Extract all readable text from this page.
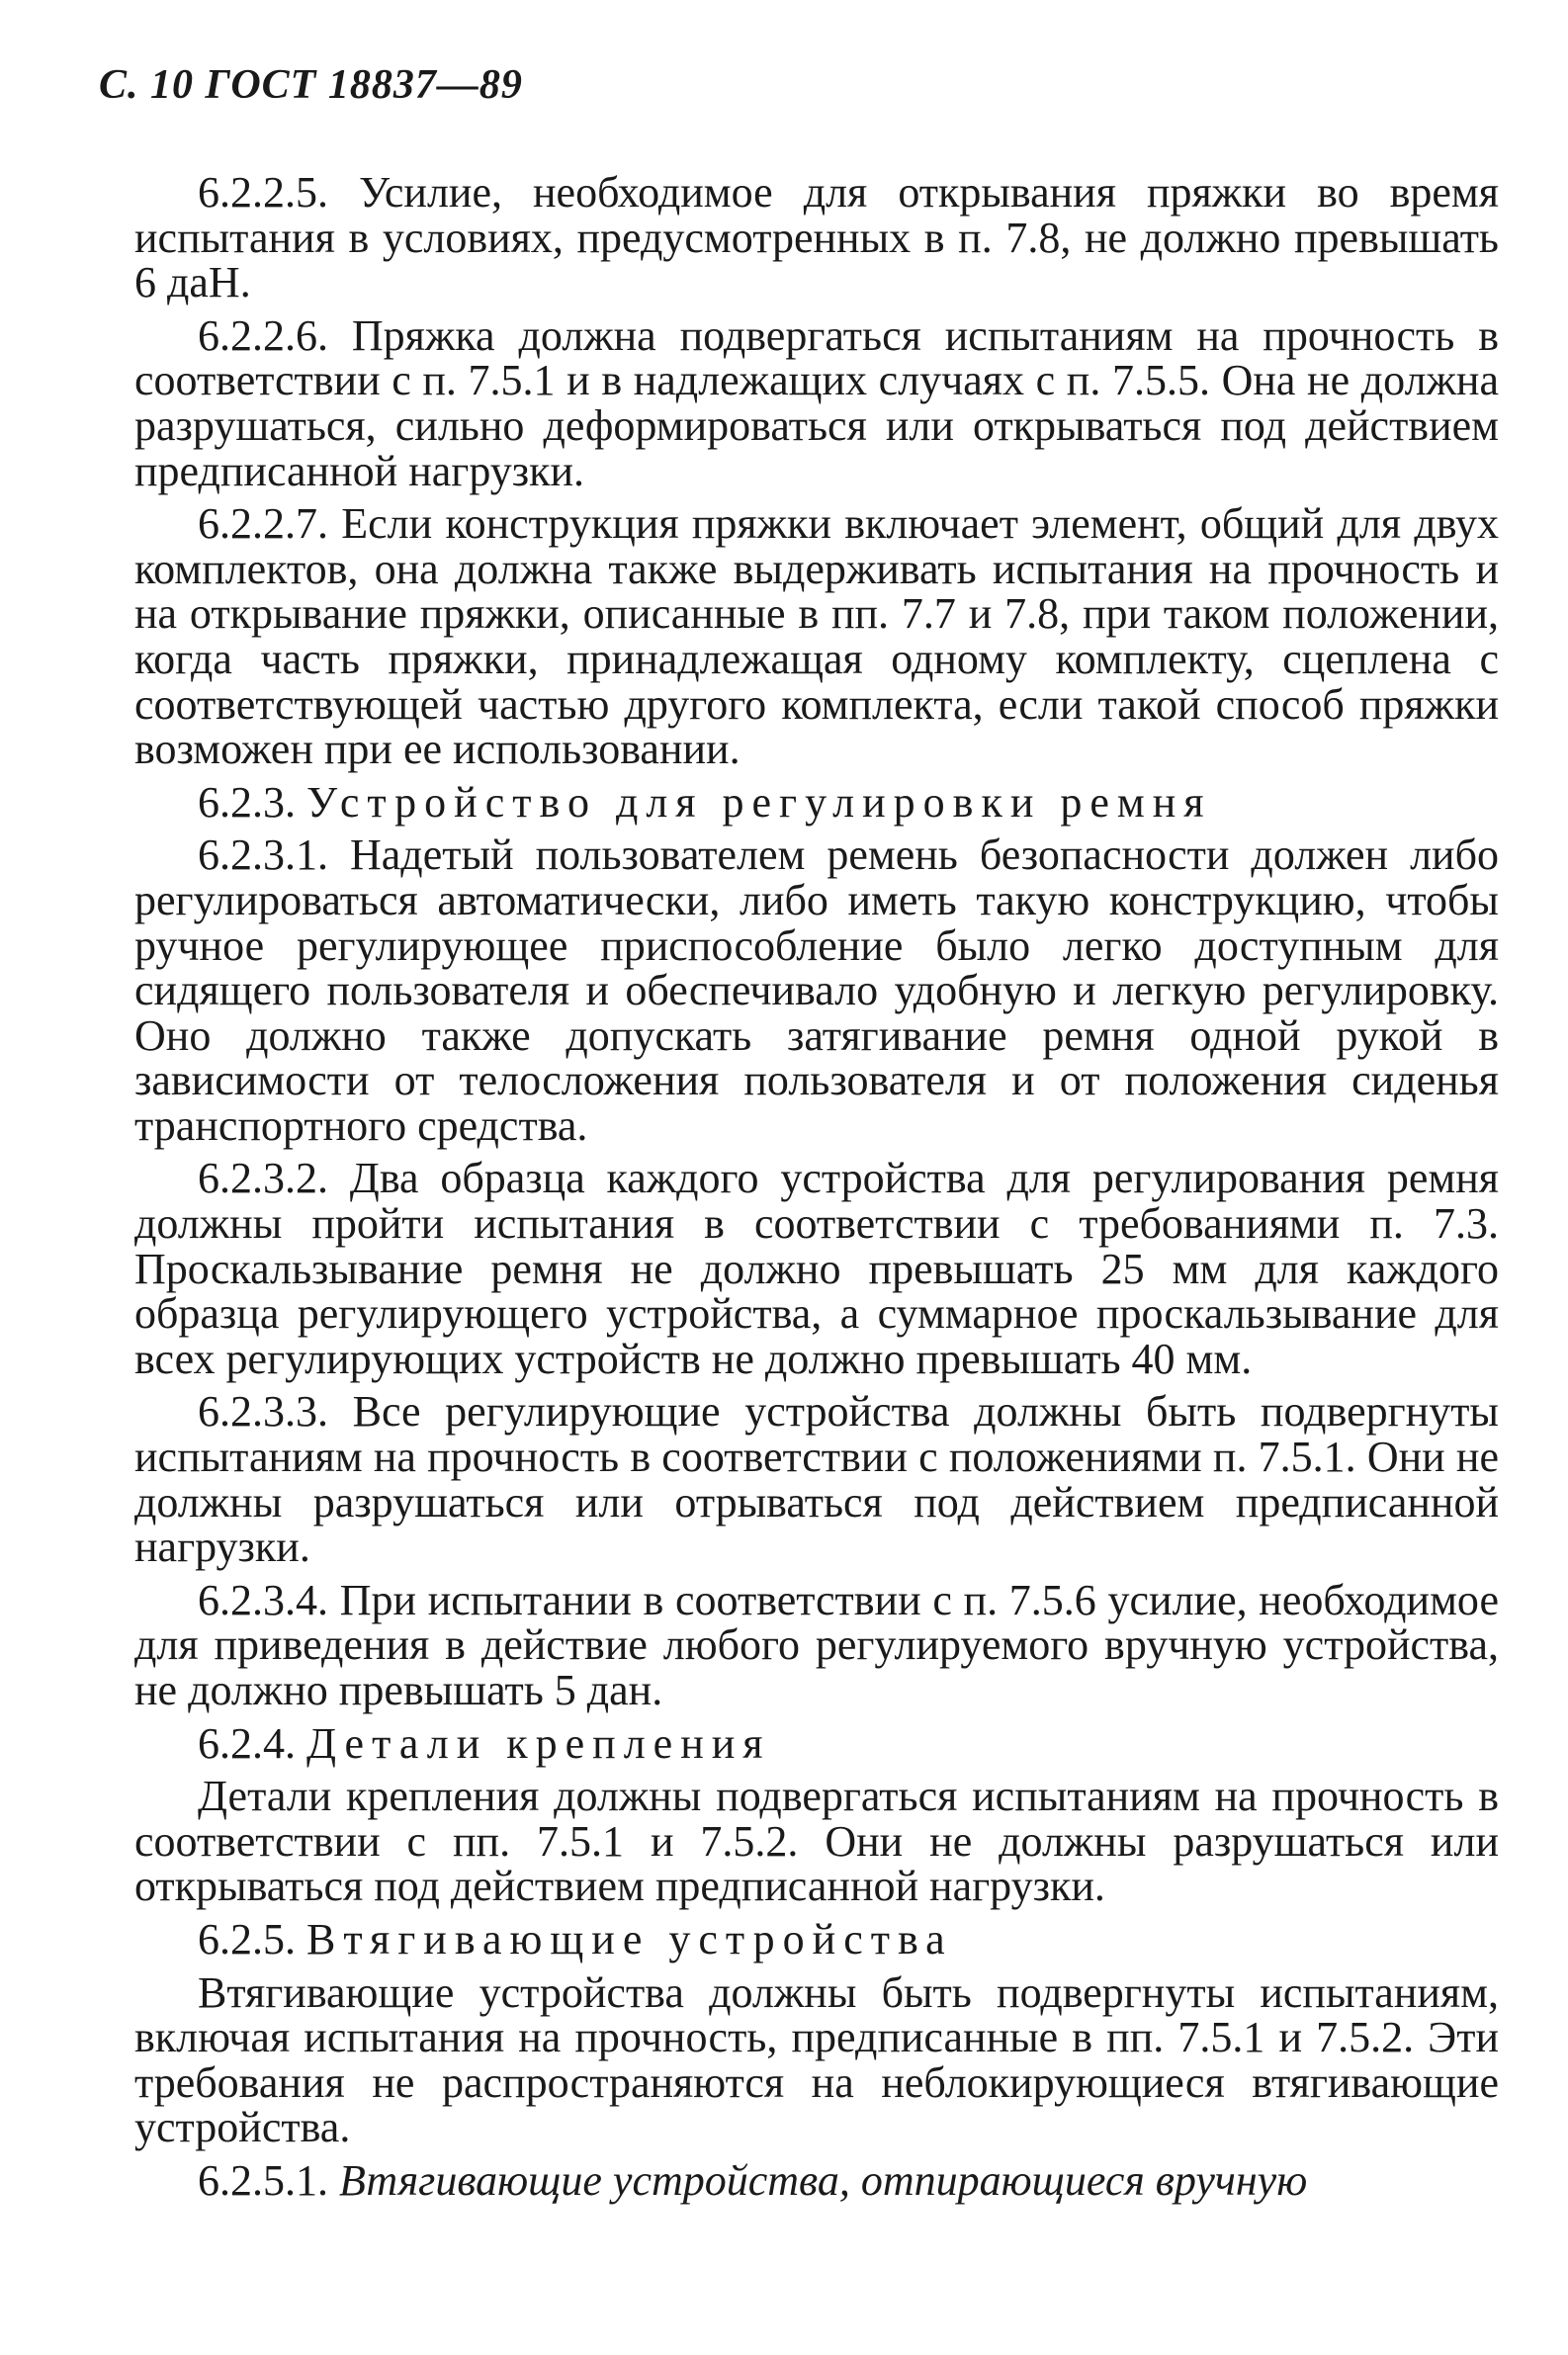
С. 10 ГОСТ 18837—89

6.2.2.5. Усилие, необходимое для открывания пряжки во время испытания в условиях, предусмотренных в п. 7.8, не должно превышать 6 даН.

6.2.2.6. Пряжка должна подвергаться испытаниям на прочность в соответствии с п. 7.5.1 и в надлежащих случаях с п. 7.5.5. Она не должна разрушаться, сильно деформироваться или открываться под действием предписанной нагрузки.

6.2.2.7. Если конструкция пряжки включает элемент, общий для двух комплектов, она должна также выдерживать испытания на прочность и на открывание пряжки, описанные в пп. 7.7 и 7.8, при таком положении, когда часть пряжки, принадлежащая одному комплекту, сцеплена с соответствующей частью другого комплекта, если такой способ пряжки возможен при ее использовании.

6.2.3. Устройство для регулировки ремня

6.2.3.1. Надетый пользователем ремень безопасности должен либо регулироваться автоматически, либо иметь такую конструкцию, чтобы ручное регулирующее приспособление было легко доступным для сидящего пользователя и обеспечивало удобную и легкую регулировку. Оно должно также допускать затягивание ремня одной рукой в зависимости от телосложения пользователя и от положения сиденья транспортного средства.

6.2.3.2. Два образца каждого устройства для регулирования ремня должны пройти испытания в соответствии с требованиями п. 7.3. Проскальзывание ремня не должно превышать 25 мм для каждого образца регулирующего устройства, а суммарное проскальзывание для всех регулирующих устройств не должно превышать 40 мм.

6.2.3.3. Все регулирующие устройства должны быть подвергнуты испытаниям на прочность в соответствии с положениями п. 7.5.1. Они не должны разрушаться или отрываться под действием предписанной нагрузки.

6.2.3.4. При испытании в соответствии с п. 7.5.6 усилие, необходимое для приведения в действие любого регулируемого вручную устройства, не должно превышать 5 дан.

6.2.4. Детали крепления

Детали крепления должны подвергаться испытаниям на прочность в соответствии с пп. 7.5.1 и 7.5.2. Они не должны разрушаться или открываться под действием предписанной нагрузки.

6.2.5. Втягивающие устройства

Втягивающие устройства должны быть подвергнуты испытаниям, включая испытания на прочность, предписанные в пп. 7.5.1 и 7.5.2. Эти требования не распространяются на неблокирующиеся втягивающие устройства.

6.2.5.1. Втягивающие устройства, отпирающиеся вручную
